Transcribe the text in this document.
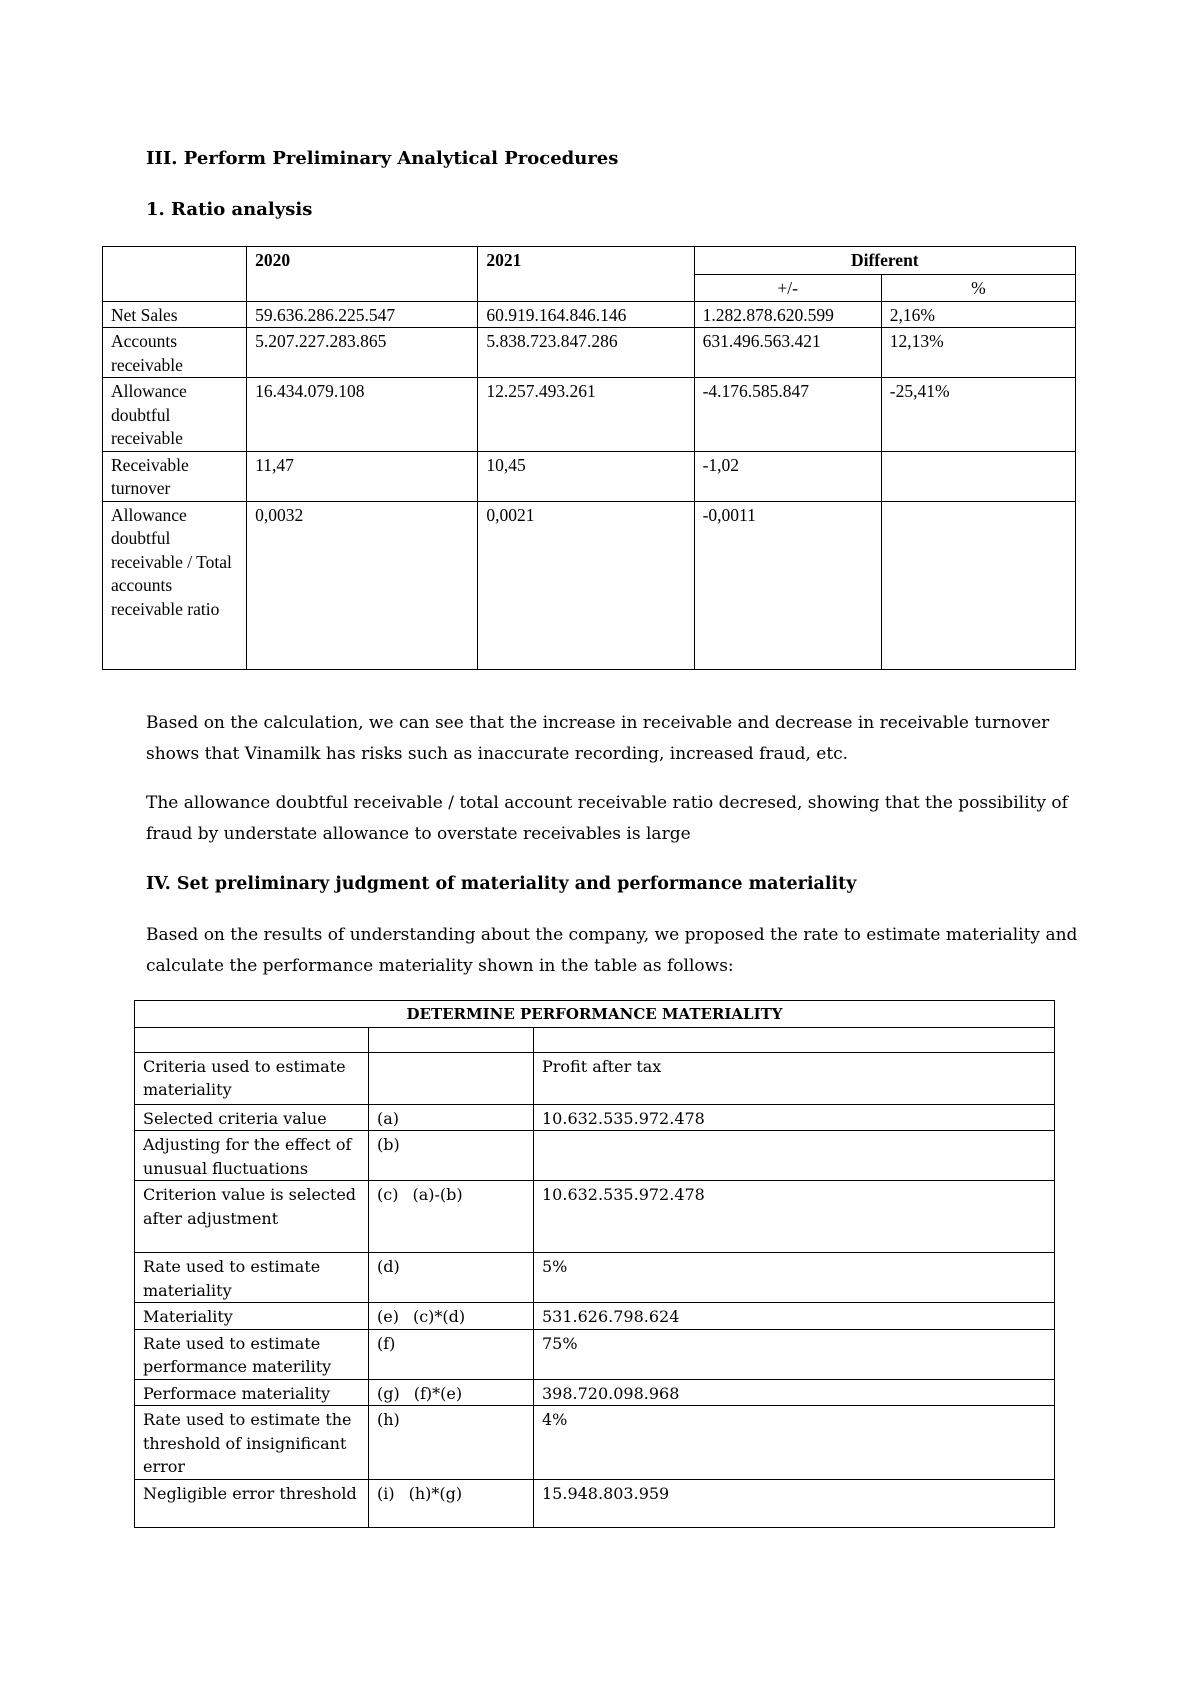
III. Perform Preliminary Analytical Procedures
1. Ratio analysis
	2020	2021	Different	
			+/-	%
Net Sales	59.636.286.225.547	60.919.164.846.146	1.282.878.620.599	2,16%
Accounts receivable	5.207.227.283.865	5.838.723.847.286	631.496.563.421	12,13%
Allowance doubtful receivable	16.434.079.108	12.257.493.261	-4.176.585.847	-25,41%
Receivable turnover	11,47	10,45	-1,02	
Allowance doubtful receivable / Total accounts receivable ratio	0,0032	0,0021	-0,0011	

Based on the calculation, we can see that the increase in receivable and decrease in receivable turnover shows that Vinamilk has risks such as inaccurate recording, increased fraud, etc.

The allowance doubtful receivable / total account receivable ratio decresed, showing that the possibility of fraud by understate allowance to overstate receivables is large

IV. Set preliminary judgment of materiality and performance materiality

Based on the results of understanding about the company, we proposed the rate to estimate materiality and calculate the performance materiality shown in the table as follows:

DETERMINE PERFORMANCE MATERIALITY		

Criteria used to estimate materiality		Profit after tax
Selected criteria value	(a)	10.632.535.972.478
Adjusting for the effect of unusual fluctuations	(b)	
Criterion value is selected after adjustment	(c) (a)-(b)	10.632.535.972.478
Rate used to estimate materiality	(d)	5%
Materiality	(e) (c)*(d)	531.626.798.624
Rate used to estimate performance materility	(f)	75%
Performace materiality	(g) (f)*(e)	398.720.098.968
Rate used to estimate the threshold of insignificant error	(h)	4%
Negligible error threshold	(i) (h)*(g)	15.948.803.959
